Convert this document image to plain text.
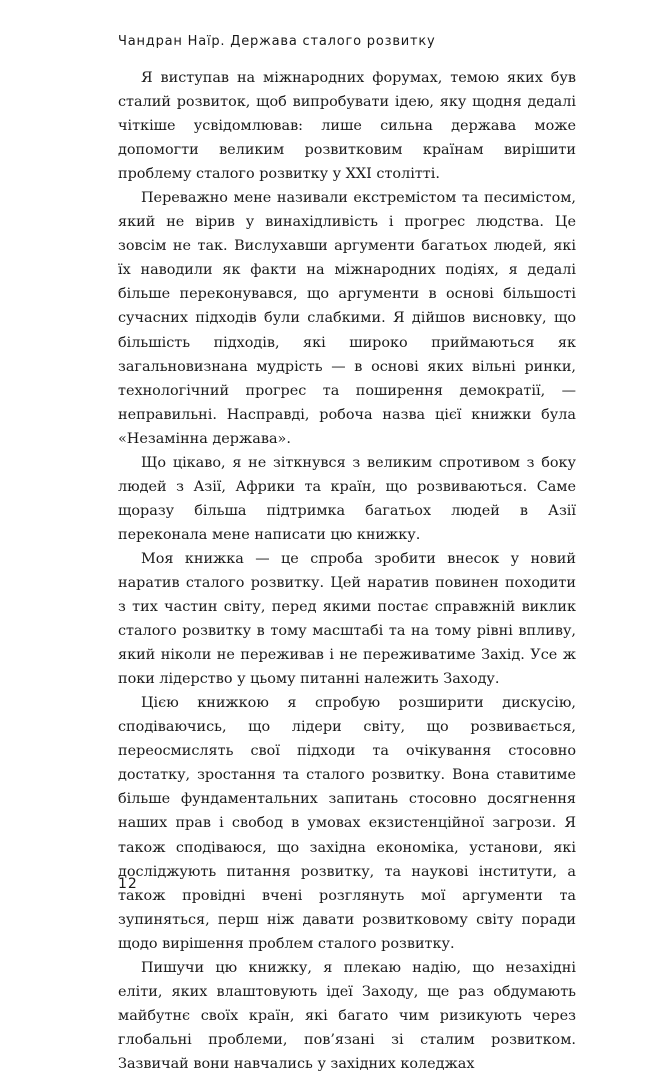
Чандран Наїр. Держава сталого розвитку

Я виступав на міжнародних форумах, темою яких був сталий розвиток, щоб випробувати ідею, яку щодня дедалі чіткіше усвідомлював: лише сильна держава може допомогти великим розвитковим країнам вирішити проблему сталого розвитку у XXI столітті.

Переважно мене називали екстремістом та песимістом, який не вірив у винахідливість і прогрес людства. Це зовсім не так. Вислухавши аргументи багатьох людей, які їх наводили як факти на міжнародних подіях, я дедалі більше переконувався, що аргументи в основі більшості сучасних підходів були слабкими. Я дійшов висновку, що більшість підходів, які широко приймаються як загальновизнана мудрість — в основі яких вільні ринки, технологічний прогрес та поширення демократії, — неправильні. Насправді, робоча назва цієї книжки була «Незамінна держава».

Що цікаво, я не зіткнувся з великим спротивом з боку людей з Азії, Африки та країн, що розвиваються. Саме щоразу більша підтримка багатьох людей в Азії переконала мене написати цю книжку.

Моя книжка — це спроба зробити внесок у новий наратив сталого розвитку. Цей наратив повинен походити з тих частин світу, перед якими постає справжній виклик сталого розвитку в тому масштабі та на тому рівні впливу, який ніколи не переживав і не переживатиме Захід. Усе ж поки лідерство у цьому питанні належить Заходу.

Цією книжкою я спробую розширити дискусію, сподіваючись, що лідери світу, що розвивається, переосмислять свої підходи та очікування стосовно достатку, зростання та сталого розвитку. Вона ставитиме більше фундаментальних запитань стосовно досягнення наших прав і свобод в умовах екзистенційної загрози. Я також сподіваюся, що західна економіка, установи, які досліджують питання розвитку, та наукові інститути, а також провідні вчені розглянуть мої аргументи та зупиняться, перш ніж давати розвитковому світу поради щодо вирішення проблем сталого розвитку.

Пишучи цю книжку, я плекаю надію, що незахідні еліти, яких влаштовують ідеї Заходу, ще раз обдумають майбутнє своїх країн, які багато чим ризикують через глобальні проблеми, пов’язані зі сталим розвитком. Зазвичай вони навчались у західних коледжах

12
